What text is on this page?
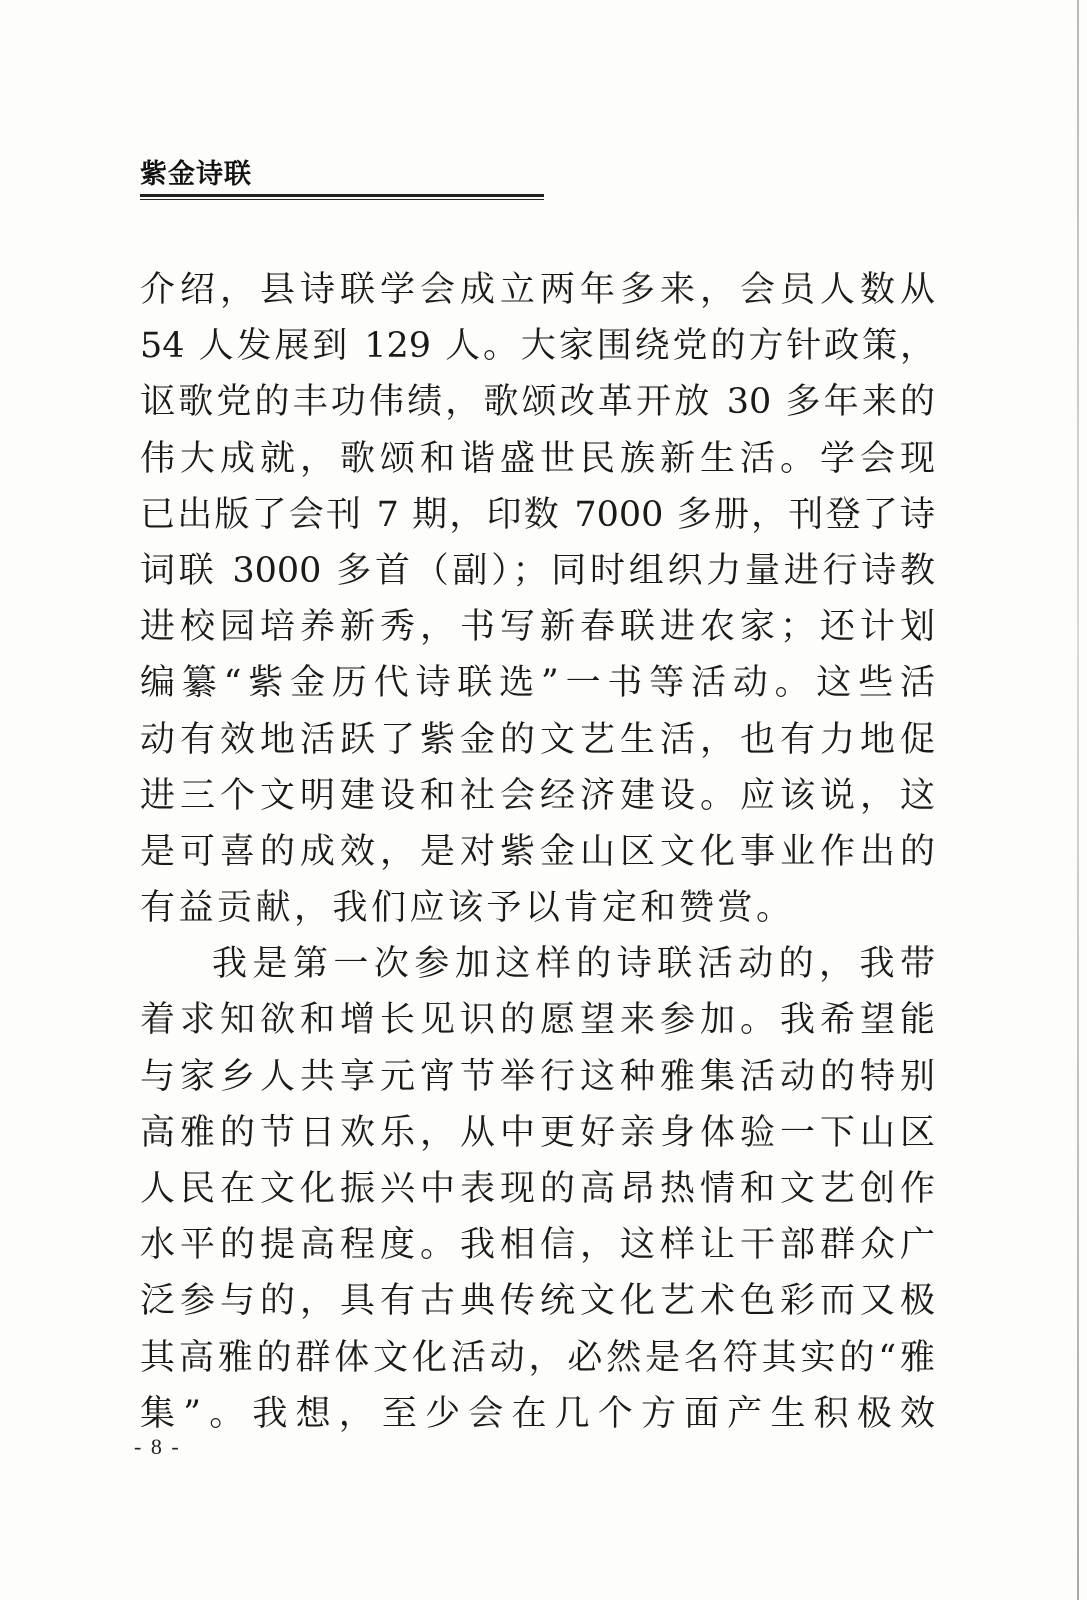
紫金诗联
介绍，县诗联学会成立两年多来，会员人数从
54 人发展到 129 人。大家围绕党的方针政策，
讴歌党的丰功伟绩，歌颂改革开放 30 多年来的
伟大成就，歌颂和谐盛世民族新生活。学会现
已出版了会刊 7 期，印数 7000 多册，刊登了诗
词联 3000 多首（副）；同时组织力量进行诗教
进校园培养新秀，书写新春联进农家；还计划
编纂“紫金历代诗联选”一书等活动。这些活
动有效地活跃了紫金的文艺生活，也有力地促
进三个文明建设和社会经济建设。应该说，这
是可喜的成效，是对紫金山区文化事业作出的
有益贡献，我们应该予以肯定和赞赏。
我是第一次参加这样的诗联活动的，我带
着求知欲和增长见识的愿望来参加。我希望能
与家乡人共享元宵节举行这种雅集活动的特别
高雅的节日欢乐，从中更好亲身体验一下山区
人民在文化振兴中表现的高昂热情和文艺创作
水平的提高程度。我相信，这样让干部群众广
泛参与的，具有古典传统文化艺术色彩而又极
其高雅的群体文化活动，必然是名符其实的“雅
集”。我想，至少会在几个方面产生积极效
- 8 -
